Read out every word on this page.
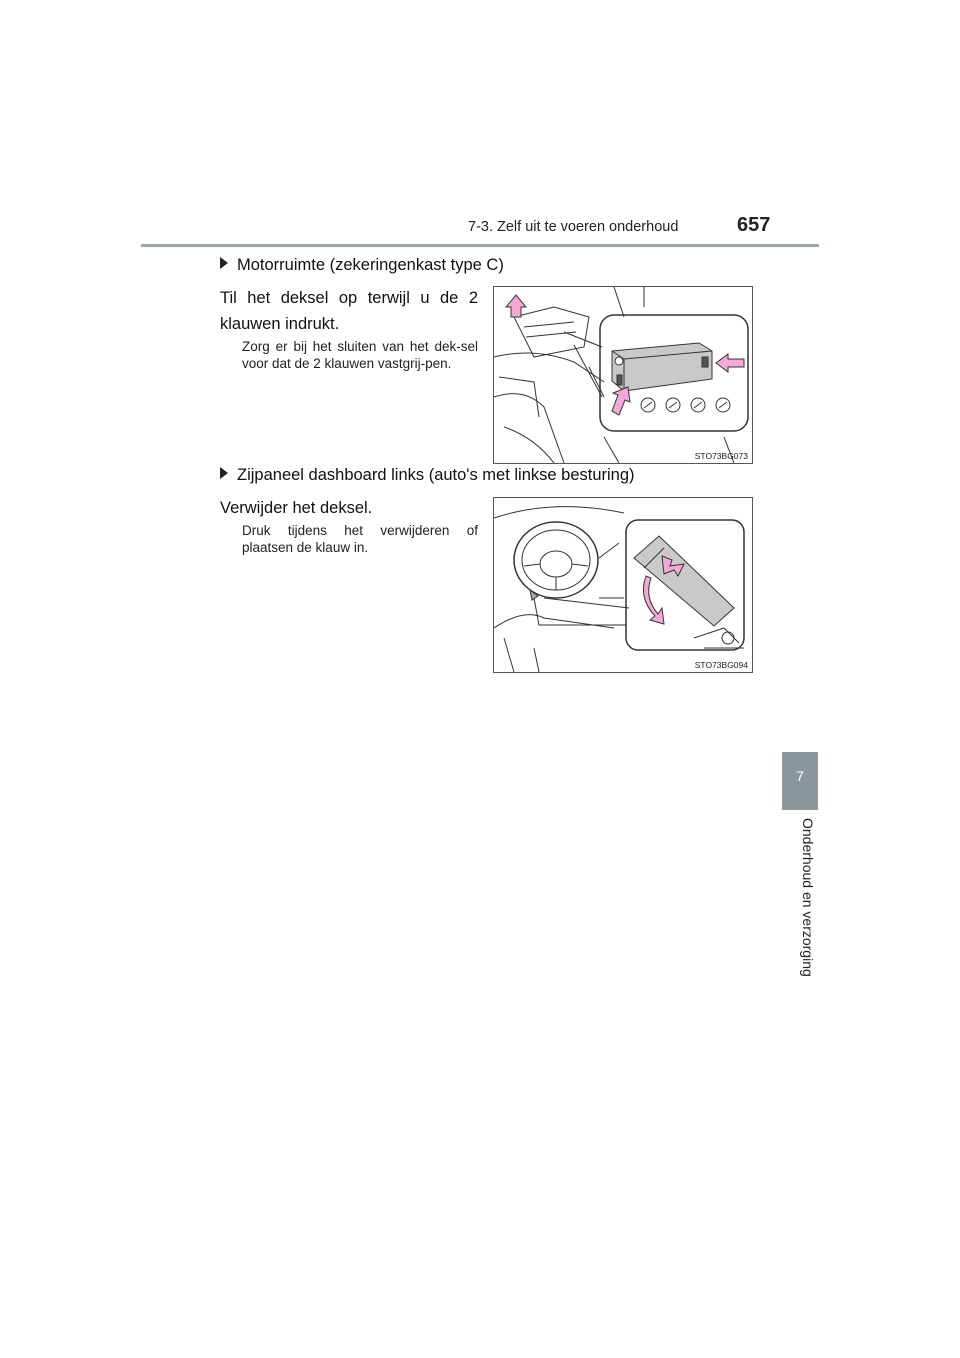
7-3. Zelf uit te voeren onderhoud	657
7
Onderhoud en verzorging
Motorruimte (zekeringenkast type C)
Til het deksel op terwijl u de 2 klauwen indrukt.
Zorg er bij het sluiten van het dek-sel voor dat de 2 klauwen vastgrij-pen.
STO73BG073
Zijpaneel dashboard links (auto's met linkse besturing)
Verwijder het deksel.
Druk tijdens het verwijderen of plaatsen de klauw in.
STO73BG094
